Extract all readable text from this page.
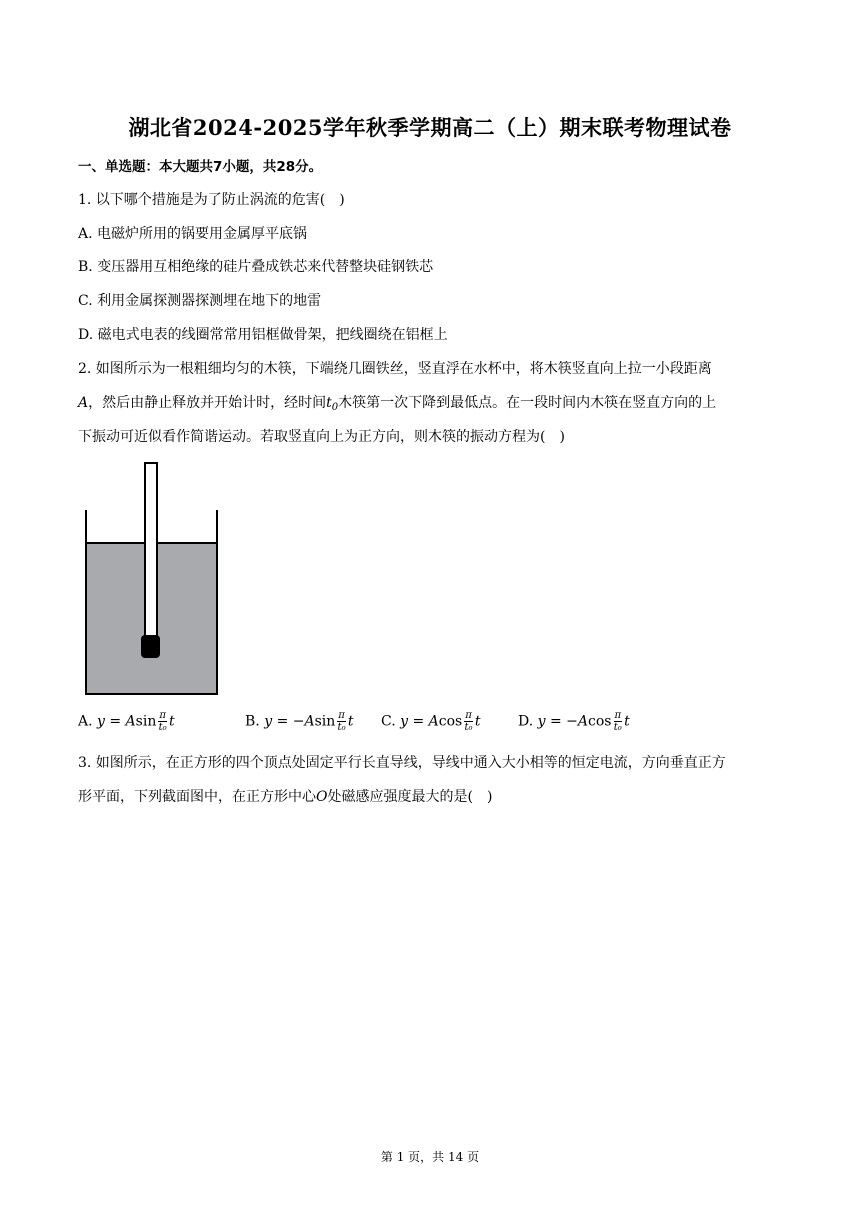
湖北省2024-2025学年秋季学期高二（上）期末联考物理试卷
一、单选题：本大题共7小题，共28分。
1. 以下哪个措施是为了防止涡流的危害(　)
A. 电磁炉所用的锅要用金属厚平底锅
B. 变压器用互相绝缘的硅片叠成铁芯来代替整块硅钢铁芯
C. 利用金属探测器探测埋在地下的地雷
D. 磁电式电表的线圈常常用铝框做骨架，把线圈绕在铝框上
2. 如图所示为一根粗细均匀的木筷，下端绕几圈铁丝，竖直浮在水杯中，将木筷竖直向上拉一小段距离
A，然后由静止释放并开始计时，经时间$t_0$木筷第一次下降到最低点。在一段时间内木筷在竖直方向的上
下振动可近似看作简谐运动。若取竖直向上为正方向，则木筷的振动方程为(　)
A. y = Asin $\frac{\pi}{\text{t₀}}$ t	B. $y = -Asin \frac{\pi}{\text{t₀}}$ t C. y = Acos $\frac{\pi}{\text{t₀}}$ t	D. $y = -Acos \frac{\pi}{\text{t₀}}$ t
3. 如图所示，在正方形的四个顶点处固定平行长直导线，导线中通入大小相等的恒定电流，方向垂直正方
形平面，下列截面图中，在正方形中心O处磁感应强度最大的是(　)
第 1 页，共 14 页
